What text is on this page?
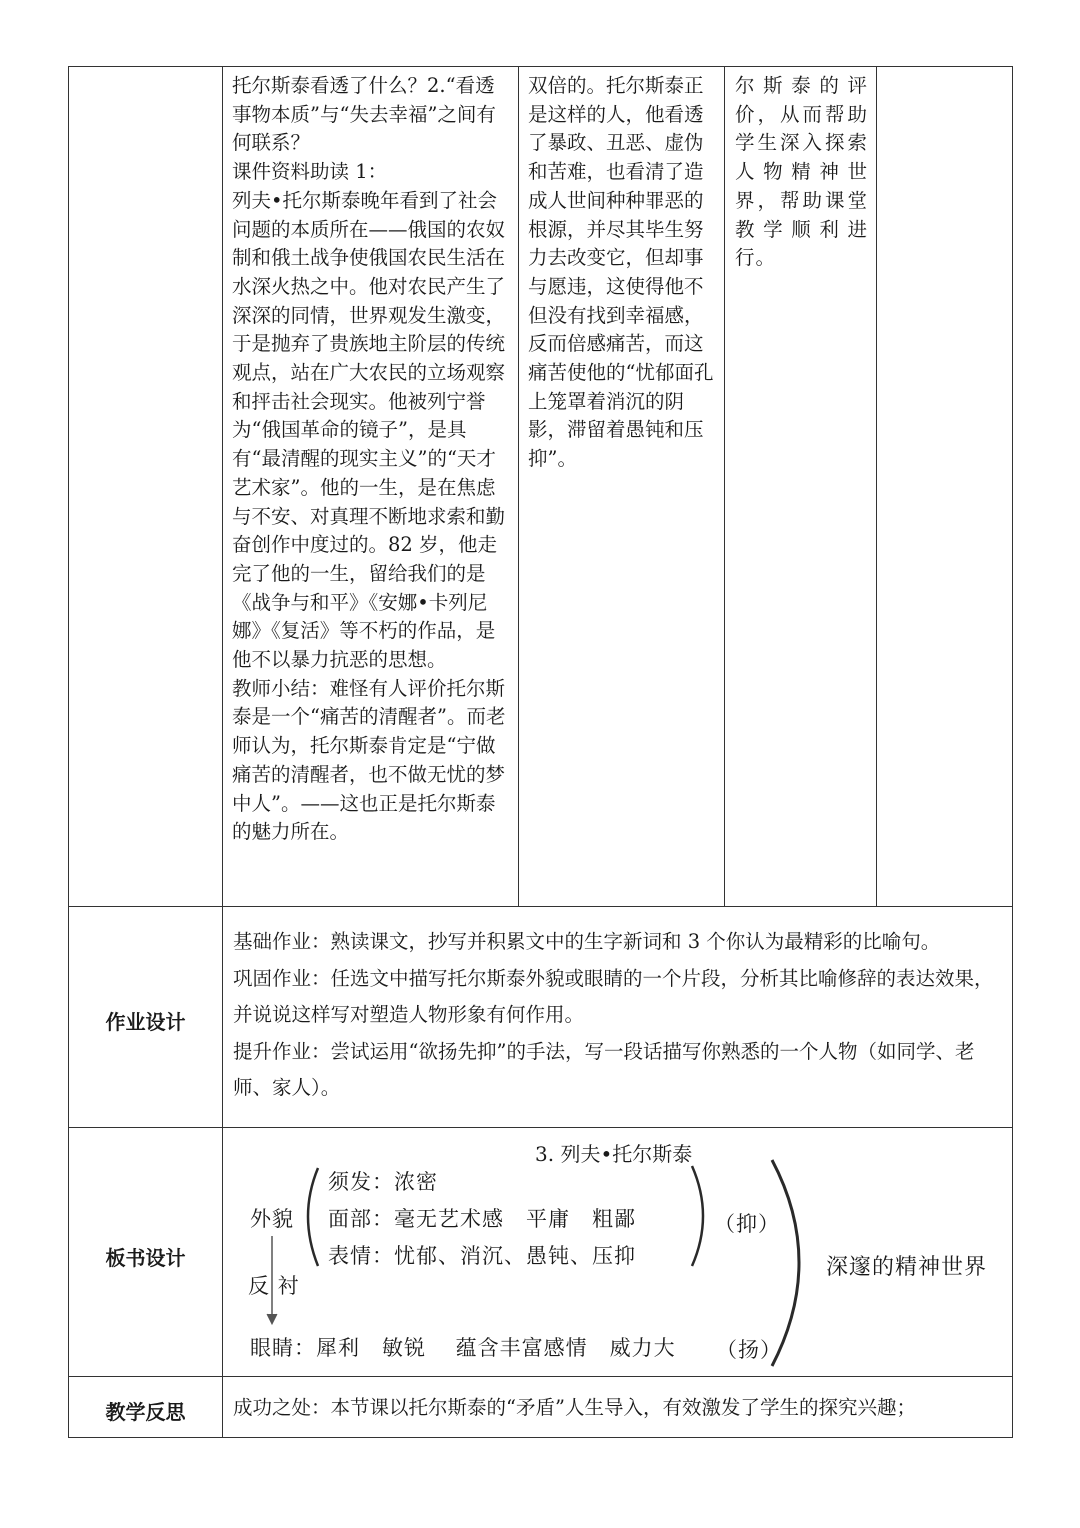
托尔斯泰看透了什么？2.“看透事物本质”与“失去幸福”之间有何联系？

课件资料助读 1：

列夫•托尔斯泰晚年看到了社会问题的本质所在——俄国的农奴制和俄土战争使俄国农民生活在水深火热之中。他对农民产生了深深的同情，世界观发生激变，于是抛弃了贵族地主阶层的传统观点，站在广大农民的立场观察和抨击社会现实。他被列宁誉为“俄国革命的镜子”，是具有“最清醒的现实主义”的“天才艺术家”。他的一生，是在焦虑与不安、对真理不断地求索和勤奋创作中度过的。82 岁，他走完了他的一生，留给我们的是《战争与和平》《安娜•卡列尼娜》《复活》等不朽的作品，是他不以暴力抗恶的思想。

教师小结：难怪有人评价托尔斯泰是一个“痛苦的清醒者”。而老师认为，托尔斯泰肯定是“宁做痛苦的清醒者，也不做无忧的梦中人”。——这也正是托尔斯泰的魅力所在。

双倍的。托尔斯泰正是这样的人，他看透了暴政、丑恶、虚伪和苦难，也看清了造成人世间种种罪恶的根源，并尽其毕生努力去改变它，但却事与愿违，这使得他不但没有找到幸福感，反而倍感痛苦，而这痛苦使他的“忧郁面孔上笼罩着消沉的阴影，滞留着愚钝和压抑”。

尔斯泰的评价，从而帮助学生深入探索人物精神世界，帮助课堂教学顺利进行。

作业设计

基础作业：熟读课文，抄写并积累文中的生字新词和 3 个你认为最精彩的比喻句。

巩固作业：任选文中描写托尔斯泰外貌或眼睛的一个片段，分析其比喻修辞的表达效果，并说说这样写对塑造人物形象有何作用。

提升作业：尝试运用“欲扬先抑”的手法，写一段话描写你熟悉的一个人物（如同学、老师、家人）。

板书设计
3. 列夫•托尔斯泰
外貌
须发：浓密
面部：毫无艺术感　平庸　粗鄙
表情：忧郁、消沉、愚钝、压抑
（抑）
反 衬
眼睛：犀利　敏锐　 蕴含丰富感情　威力大 （扬）
深邃的精神世界
教学反思	成功之处：本节课以托尔斯泰的“矛盾”人生导入，有效激发了学生的探究兴趣；
